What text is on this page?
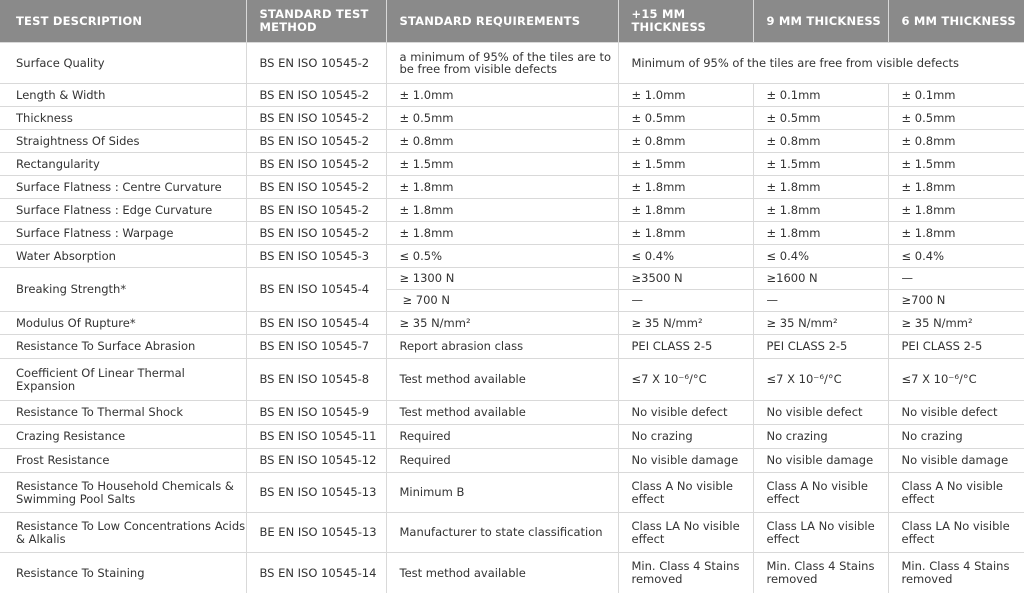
TEST DESCRIPTION	STANDARD TEST METHOD	STANDARD REQUIREMENTS	+15 MM THICKNESS	9 MM THICKNESS	6 MM THICKNESS
Surface Quality	BS EN ISO 10545-2	a minimum of 95% of the tiles are to be free from visible defects	Minimum of 95% of the tiles are free from visible defects		
Length & Width	BS EN ISO 10545-2	± 1.0mm	± 1.0mm	± 0.1mm	± 0.1mm
Thickness	BS EN ISO 10545-2	± 0.5mm	± 0.5mm	± 0.5mm	± 0.5mm
Straightness Of Sides	BS EN ISO 10545-2	± 0.8mm	± 0.8mm	± 0.8mm	± 0.8mm
Rectangularity	BS EN ISO 10545-2	± 1.5mm	± 1.5mm	± 1.5mm	± 1.5mm
Surface Flatness : Centre Curvature	BS EN ISO 10545-2	± 1.8mm	± 1.8mm	± 1.8mm	± 1.8mm
Surface Flatness : Edge Curvature	BS EN ISO 10545-2	± 1.8mm	± 1.8mm	± 1.8mm	± 1.8mm
Surface Flatness : Warpage	BS EN ISO 10545-2	± 1.8mm	± 1.8mm	± 1.8mm	± 1.8mm
Water Absorption	BS EN ISO 10545-3	≤ 0.5%	≤ 0.4%	≤ 0.4%	≤ 0.4%
Breaking Strength*	BS EN ISO 10545-4	≥ 1300 N	≥3500 N	≥1600 N	—
		≥ 700 N	—	—	≥700 N
Modulus Of Rupture*	BS EN ISO 10545-4	≥ 35 N/mm²	≥ 35 N/mm²	≥ 35 N/mm²	≥ 35 N/mm²
Resistance To Surface Abrasion	BS EN ISO 10545-7	Report abrasion class	PEI CLASS 2-5	PEI CLASS 2-5	PEI CLASS 2-5
Coefficient Of Linear Thermal Expansion	BS EN ISO 10545-8	Test method available	≤7 X 10⁻⁶/°C	≤7 X 10⁻⁶/°C	≤7 X 10⁻⁶/°C
Resistance To Thermal Shock	BS EN ISO 10545-9	Test method available	No visible defect	No visible defect	No visible defect
Crazing Resistance	BS EN ISO 10545-11	Required	No crazing	No crazing	No crazing
Frost Resistance	BS EN ISO 10545-12	Required	No visible damage	No visible damage	No visible damage
Resistance To Household Chemicals & Swimming Pool Salts	BS EN ISO 10545-13	Minimum B	Class A No visible effect	Class A No visible effect	Class A No visible effect
Resistance To Low Concentrations Acids & Alkalis	BE EN ISO 10545-13	Manufacturer to state classification	Class LA No visible effect	Class LA No visible effect	Class LA No visible effect
Resistance To Staining	BS EN ISO 10545-14	Test method available	Min. Class 4 Stains removed	Min. Class 4 Stains removed	Min. Class 4 Stains removed
